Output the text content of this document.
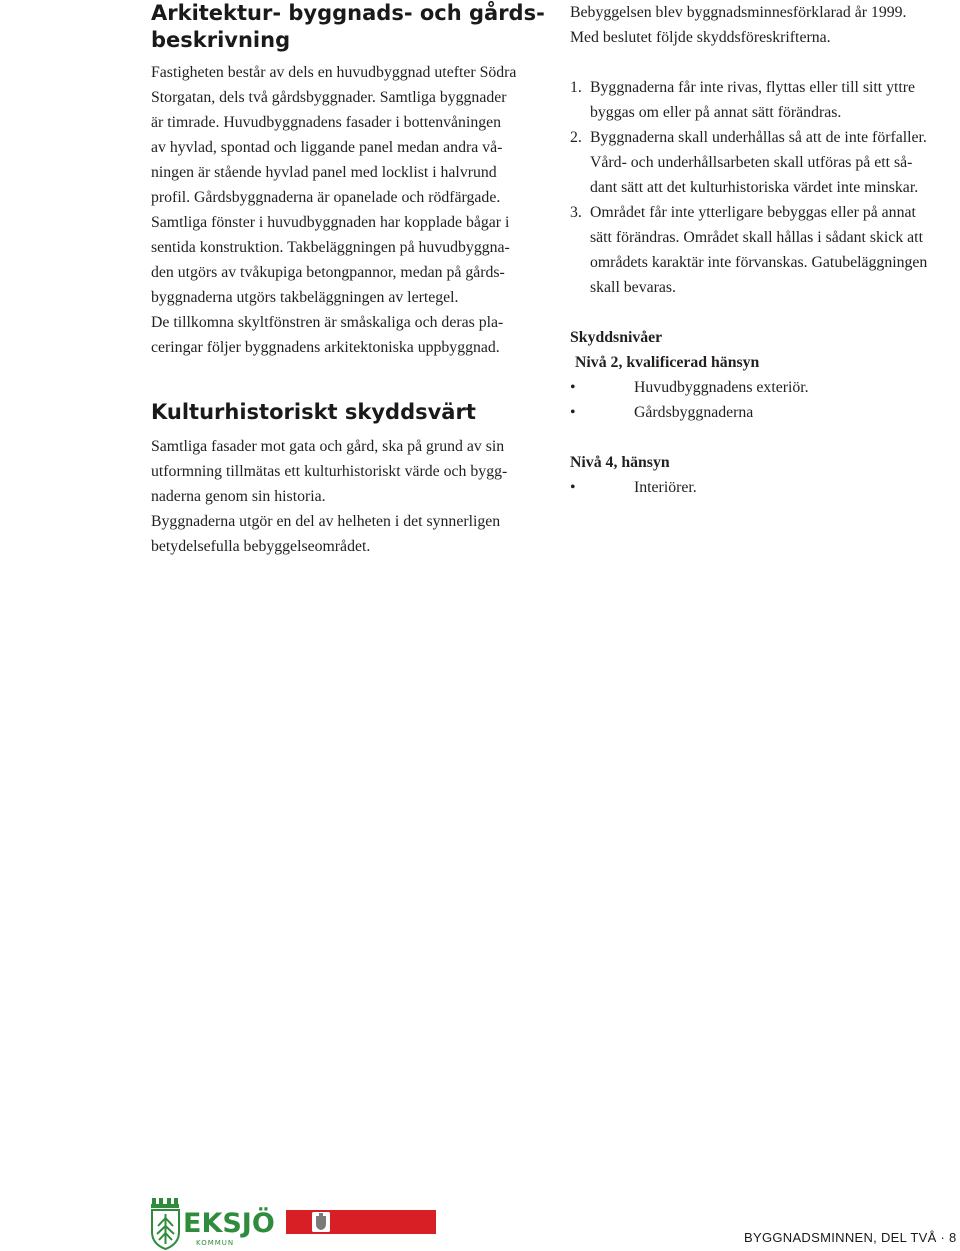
Arkitektur- byggnads- och gårds-
beskrivning

Fastigheten består av dels en huvudbyggnad utefter Södra

Storgatan, dels två gårdsbyggnader. Samtliga byggnader

är timrade. Huvudbyggnadens fasader i bottenvåningen

av hyvlad, spontad och liggande panel medan andra vå-

ningen är stående hyvlad panel med locklist i halvrund

profil. Gårdsbyggnaderna är opanelade och rödfärgade.

Samtliga fönster i huvudbyggnaden har kopplade bågar i

sentida konstruktion. Takbeläggningen på huvudbyggna-

den utgörs av tvåkupiga betongpannor, medan på gårds-

byggnaderna utgörs takbeläggningen av lertegel.

De tillkomna skyltfönstren är småskaliga och deras pla-

ceringar följer byggnadens arkitektoniska uppbyggnad.

Kulturhistoriskt skyddsvärt

Samtliga fasader mot gata och gård, ska på grund av sin

utformning tillmätas ett kulturhistoriskt värde och bygg-

naderna genom sin historia.

Byggnaderna utgör en del av helheten i det synnerligen

betydelsefulla bebyggelseområdet.

Bebyggelsen blev byggnadsminnesförklarad år 1999.

Med beslutet följde skyddsföreskrifterna.

1. Byggnaderna får inte rivas, flyttas eller till sitt yttre
byggas om eller på annat sätt förändras.
2. Byggnaderna skall underhållas så att de inte förfaller.
Vård- och underhållsarbeten skall utföras på ett så-
dant sätt att det kulturhistoriska värdet inte minskar.
3. Området får inte ytterligare bebyggas eller på annat
sätt förändras. Området skall hållas i sådant skick att
områdets karaktär inte förvanskas. Gatubeläggningen
skall bevaras.

Skyddsnivåer

Nivå 2, kvalificerad hänsyn

•	Huvudbyggnadens exteriör.
•	Gårdsbyggnaderna

Nivå 4, hänsyn

•	Interiörer.
EKSJÖ
KOMMUN	BYGGNADSMINNEN, DEL TVÅ · 8
